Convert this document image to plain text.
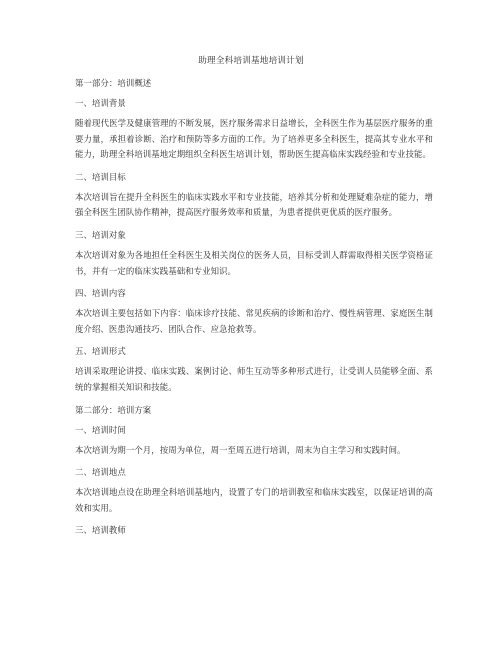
助理全科培训基地培训计划
第一部分：培训概述
一、培训背景
随着现代医学及健康管理的不断发展，医疗服务需求日益增长，全科医生作为基层医疗服务的重要力量，承担着诊断、治疗和预防等多方面的工作。为了培养更多全科医生，提高其专业水平和能力，助理全科培训基地定期组织全科医生培训计划，帮助医生提高临床实践经验和专业技能。
二、培训目标
本次培训旨在提升全科医生的临床实践水平和专业技能，培养其分析和处理疑难杂症的能力，增强全科医生团队协作精神，提高医疗服务效率和质量，为患者提供更优质的医疗服务。
三、培训对象
本次培训对象为各地担任全科医生及相关岗位的医务人员，目标受训人群需取得相关医学资格证书，并有一定的临床实践基础和专业知识。
四、培训内容
本次培训主要包括如下内容：临床诊疗技能、常见疾病的诊断和治疗、慢性病管理、家庭医生制度介绍、医患沟通技巧、团队合作、应急抢救等。
五、培训形式
培训采取理论讲授、临床实践、案例讨论、师生互动等多种形式进行，让受训人员能够全面、系统的掌握相关知识和技能。
第二部分：培训方案
一、培训时间
本次培训为期一个月，按周为单位，周一至周五进行培训，周末为自主学习和实践时间。
二、培训地点
本次培训地点设在助理全科培训基地内，设置了专门的培训教室和临床实践室，以保证培训的高效和实用。
三、培训教师
